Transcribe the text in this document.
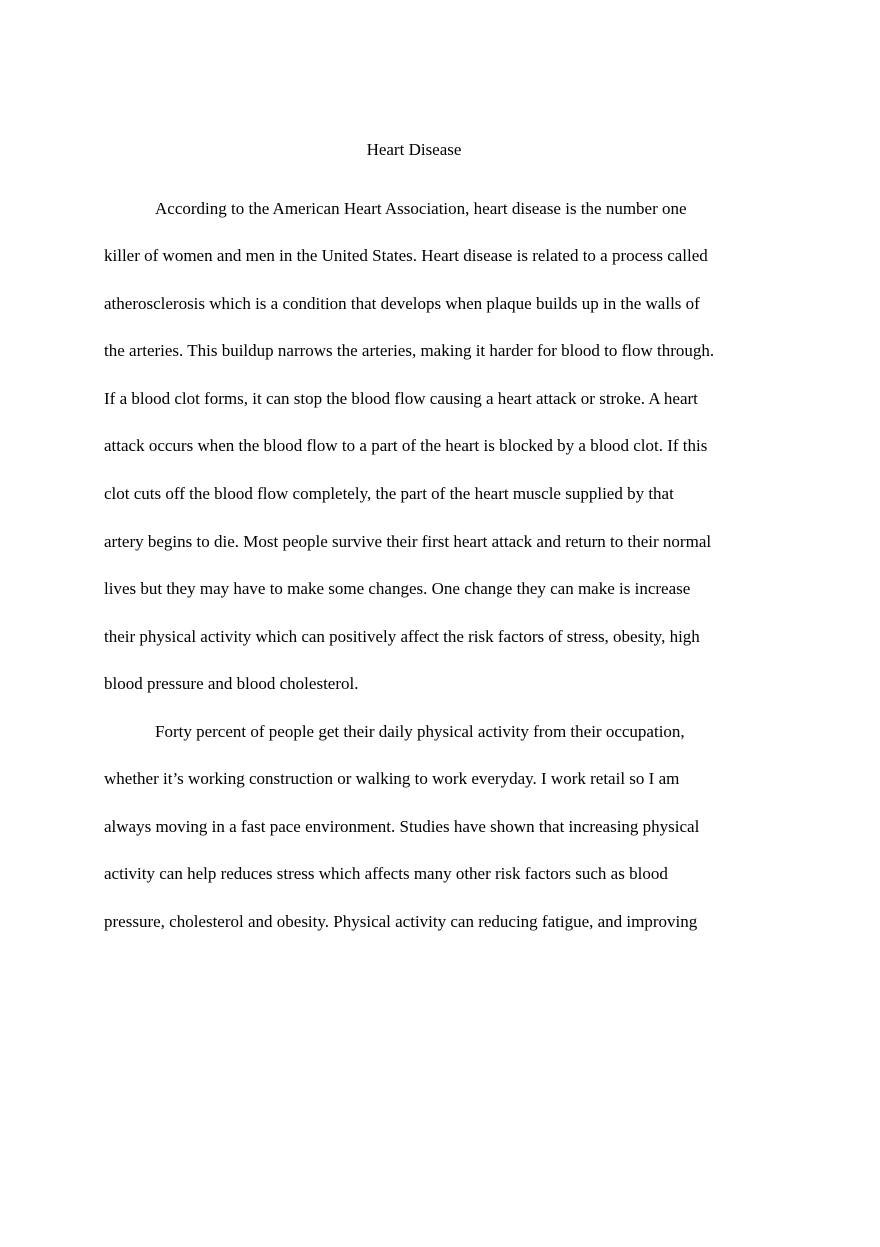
Heart Disease
According to the American Heart Association, heart disease is the number one
killer of women and men in the United States. Heart disease is related to a process called
atherosclerosis which is a condition that develops when plaque builds up in the walls of
the arteries. This buildup narrows the arteries, making it harder for blood to flow through.
If a blood clot forms, it can stop the blood flow causing a heart attack or stroke. A heart
attack occurs when the blood flow to a part of the heart is blocked by a blood clot. If this
clot cuts off the blood flow completely, the part of the heart muscle supplied by that
artery begins to die. Most people survive their first heart attack and return to their normal
lives but they may have to make some changes. One change they can make is increase
their physical activity which can positively affect the risk factors of stress, obesity, high
blood pressure and blood cholesterol.
Forty percent of people get their daily physical activity from their occupation,
whether it’s working construction or walking to work everyday. I work retail so I am
always moving in a fast pace environment. Studies have shown that increasing physical
activity can help reduces stress which affects many other risk factors such as blood
pressure, cholesterol and obesity. Physical activity can reducing fatigue, and improving
